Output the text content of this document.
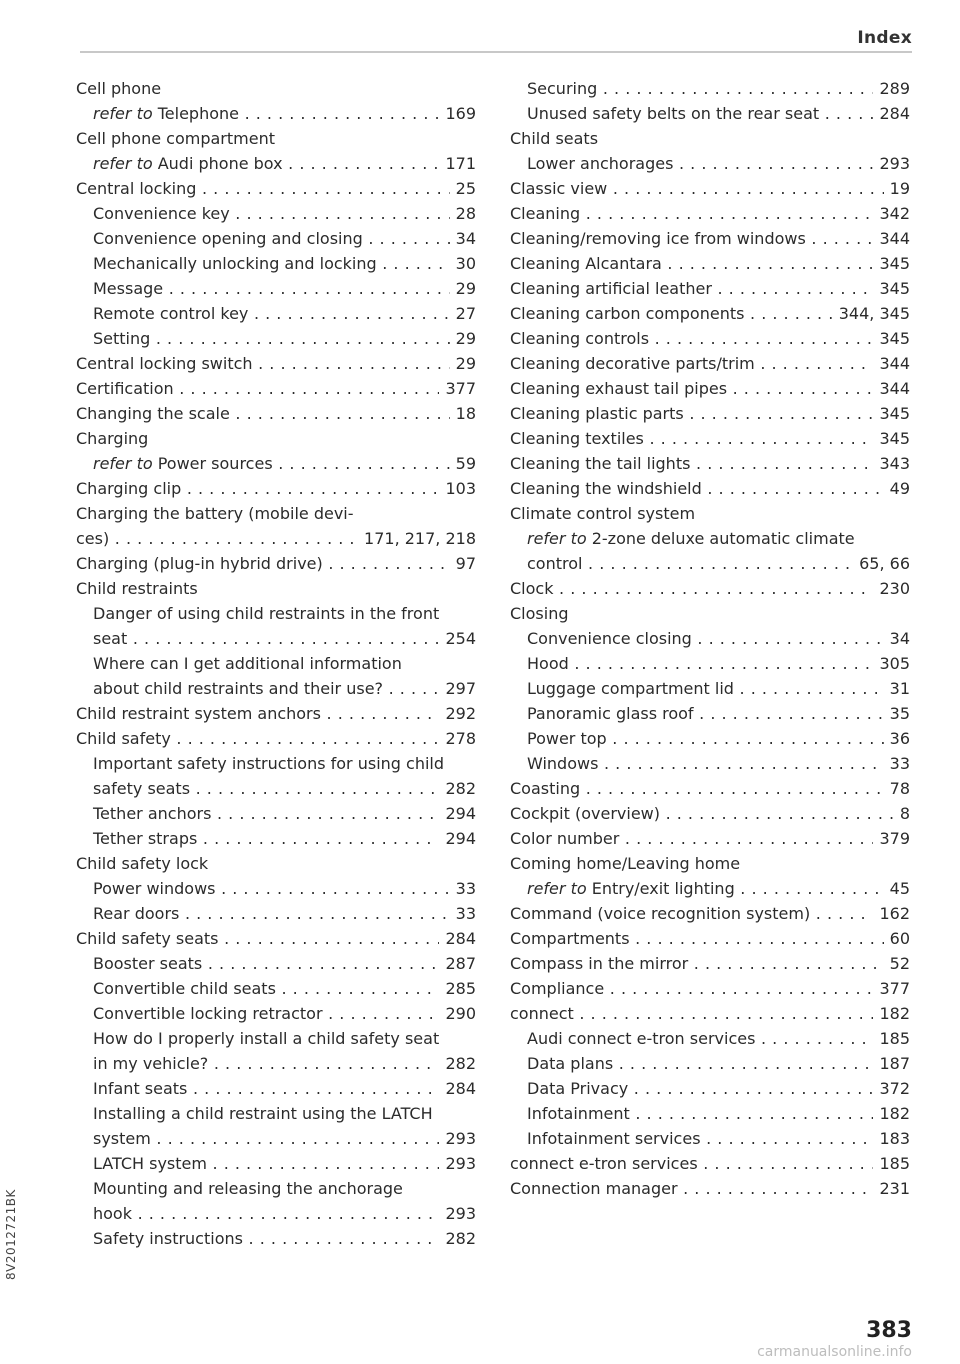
Index
Cell phone
refer to Telephone . . .	169
Cell phone compartment
refer to Audi phone box . . .	171
Central locking . . .	25
Convenience key . . .	28
Convenience opening and closing . . .	34
Mechanically unlocking and locking . . .	30
Message . . .	29
Remote control key . . .	27
Setting . . .	29
Central locking switch . . .	29
Certification . . .	377
Changing the scale . . .	18
Charging
refer to Power sources . . .	59
Charging clip . . .	103
Charging the battery (mobile devi-
ces) . . .	171, 217, 218
Charging (plug-in hybrid drive) . . .	97
Child restraints
Danger of using child restraints in the front
seat . . .	254
Where can I get additional information
about child restraints and their use? . . .	297
Child restraint system anchors . . .	292
Child safety . . .	278
Important safety instructions for using child
safety seats . . .	282
Tether anchors . . .	294
Tether straps . . .	294
Child safety lock
Power windows . . .	33
Rear doors . . .	33
Child safety seats . . .	284
Booster seats . . .	287
Convertible child seats . . .	285
Convertible locking retractor . . .	290
How do I properly install a child safety seat
in my vehicle? . . .	282
Infant seats . . .	284
Installing a child restraint using the LATCH
system . . .	293
LATCH system . . .	293
Mounting and releasing the anchorage
hook . . .	293
Safety instructions . . .	282
Securing . . .	289
Unused safety belts on the rear seat . . .	284
Child seats
Lower anchorages . . .	293
Classic view . . .	19
Cleaning . . .	342
Cleaning/removing ice from windows . . .	344
Cleaning Alcantara . . .	345
Cleaning artificial leather . . .	345
Cleaning carbon components . . .	344, 345
Cleaning controls . . .	345
Cleaning decorative parts/trim . . .	344
Cleaning exhaust tail pipes . . .	344
Cleaning plastic parts . . .	345
Cleaning textiles . . .	345
Cleaning the tail lights . . .	343
Cleaning the windshield . . .	49
Climate control system
refer to 2-zone deluxe automatic climate
control . . .	65, 66
Clock . . .	230
Closing
Convenience closing . . .	34
Hood . . .	305
Luggage compartment lid . . .	31
Panoramic glass roof . . .	35
Power top . . .	36
Windows . . .	33
Coasting . . .	78
Cockpit (overview) . . .	8
Color number . . .	379
Coming home/Leaving home
refer to Entry/exit lighting . . .	45
Command (voice recognition system) . . .	162
Compartments . . .	60
Compass in the mirror . . .	52
Compliance . . .	377
connect . . .	182
Audi connect e-tron services . . .	185
Data plans . . .	187
Data Privacy . . .	372
Infotainment . . .	182
Infotainment services . . .	183
connect e-tron services . . .	185
Connection manager . . .	231
8V2012721BK
383
carmanualsonline.info
